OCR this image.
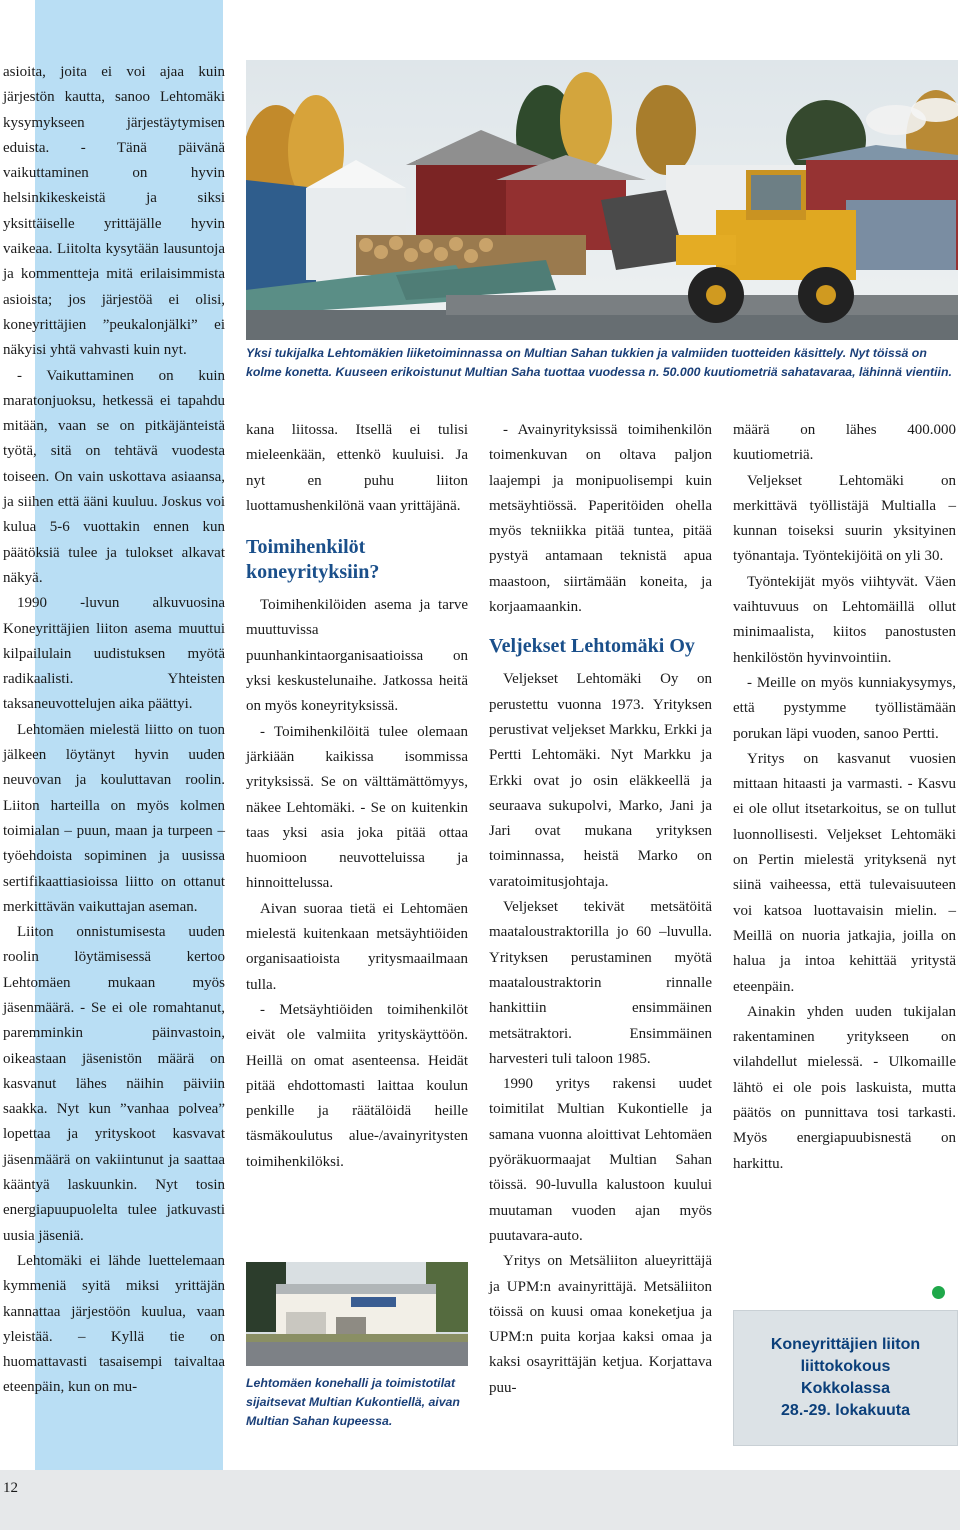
asioita, joita ei voi ajaa kuin järjestön kautta, sanoo Lehtomäki kysymykseen järjestäytymisen eduista. - Tänä päivänä vaikuttaminen on hyvin helsinkikeskeistä ja siksi yksittäiselle yrittäjälle hyvin vaikeaa. Liitolta kysytään lausuntoja ja kommentteja mitä erilaisimmista asioista; jos järjestöä ei olisi, koneyrittäjien ”peukalonjälki” ei näkyisi yhtä vahvasti kuin nyt.

- Vaikuttaminen on kuin maratonjuoksu, hetkessä ei tapahdu mitään, vaan se on pitkäjänteistä työtä, sitä on tehtävä vuodesta toiseen. On vain uskottava asiaansa, ja siihen että ääni kuuluu. Joskus voi kulua 5-6 vuottakin ennen kun päätöksiä tulee ja tulokset alkavat näkyä.

1990 -luvun alkuvuosina Koneyrittäjien liiton asema muuttui kilpailulain uudistuksen myötä radikaalisti. Yhteisten taksaneuvottelujen aika päättyi.

Lehtomäen mielestä liitto on tuon jälkeen löytänyt hyvin uuden neuvovan ja kouluttavan roolin. Liiton harteilla on myös kolmen toimialan – puun, maan ja turpeen – työehdoista sopiminen ja uusissa sertifikaattiasioissa liitto on ottanut merkittävän vaikuttajan aseman.

Liiton onnistumisesta uuden roolin löytämisessä kertoo Lehtomäen mukaan myös jäsenmäärä. - Se ei ole romahtanut, paremminkin päinvastoin, oikeastaan jäsenistön määrä on kasvanut lähes näihin päiviin saakka. Nyt kun ”vanhaa polvea” lopettaa ja yrityskoot kasvavat jäsenmäärä on vakiintunut ja saattaa kääntyä laskuunkin. Nyt tosin energiapuupuolelta tulee jatkuvasti uusia jäseniä.

Lehtomäki ei lähde luettelemaan kymmeniä syitä miksi yrittäjän kannattaa järjestöön kuulua, vaan yleistää. – Kyllä tie on huomattavasti tasaisempi taivaltaa eteenpäin, kun on mu-

Yksi tukijalka Lehtomäkien liiketoiminnassa on Multian Sahan tukkien ja valmiiden tuotteiden käsittely. Nyt töissä on kolme konetta. Kuuseen erikoistunut Multian Saha tuottaa vuodessa n. 50.000 kuutiometriä sahatavaraa, lähinnä vientiin.

kana liitossa. Itsellä ei tulisi mieleenkään, ettenkö kuuluisi. Ja nyt en puhu liiton luottamushenkilönä vaan yrittäjänä.

Toimihenkilöt koneyrityksiin?

Toimihenkilöiden asema ja tarve muuttuvissa puunhankintaorganisaatioissa on yksi keskustelunaihe. Jatkossa heitä on myös koneyrityksissä.

- Toimihenkilöitä tulee olemaan järkiään kaikissa isommissa yrityksissä. Se on välttämättömyys, näkee Lehtomäki. - Se on kuitenkin taas yksi asia joka pitää ottaa huomioon neuvotteluissa ja hinnoittelussa.

Aivan suoraa tietä ei Lehtomäen mielestä kuitenkaan metsäyhtiöiden organisaatioista yritysmaailmaan tulla.

- Metsäyhtiöiden toimihenkilöt eivät ole valmiita yrityskäyttöön. Heillä on omat asenteensa. Heidät pitää ehdottomasti laittaa koulun penkille ja räätälöidä heille täsmäkoulutus alue-/avainyritysten toimihenkilöksi.

Lehtomäen konehalli ja toimistotilat sijaitsevat Multian Kukontiellä, aivan Multian Sahan kupeessa.

- Avainyrityksissä toimihenkilön toimenkuvan on oltava paljon laajempi ja monipuolisempi kuin metsäyhtiössä. Paperitöiden ohella myös tekniikka pitää tuntea, pitää pystyä antamaan teknistä apua maastoon, siirtämään koneita, ja korjaamaankin.

Veljekset Lehtomäki Oy

Veljekset Lehtomäki Oy on perustettu vuonna 1973. Yrityksen perustivat veljekset Markku, Erkki ja Pertti Lehtomäki. Nyt Markku ja Erkki ovat jo osin eläkkeellä ja seuraava sukupolvi, Marko, Jani ja Jari ovat mukana yrityksen toiminnassa, heistä Marko on varatoimitusjohtaja.

Veljekset tekivät metsätöitä maataloustraktorilla jo 60 –luvulla. Yrityksen perustaminen myötä maataloustraktorin rinnalle hankittiin ensimmäinen metsätraktori. Ensimmäinen harvesteri tuli taloon 1985.

1990 yritys rakensi uudet toimitilat Multian Kukontielle ja samana vuonna aloittivat Lehtomäen pyöräkuormaajat Multian Sahan töissä. 90-luvulla kalustoon kuului muutaman vuoden ajan myös puutavara-auto.

Yritys on Metsäliiton alueyrittäjä ja UPM:n avainyrittäjä. Metsäliiton töissä on kuusi omaa koneketjua ja UPM:n puita korjaa kaksi omaa ja kaksi osayrittäjän ketjua. Korjattava puu-

määrä on lähes 400.000 kuutiometriä.

Veljekset Lehtomäki on merkittävä työllistäjä Multialla – kunnan toiseksi suurin yksityinen työnantaja. Työntekijöitä on yli 30.

Työntekijät myös viihtyvät. Väen vaihtuvuus on Lehtomäillä ollut minimaalista, kiitos panostusten henkilöstön hyvinvointiin.

- Meille on myös kunniakysymys, että pystymme työllistämään porukan läpi vuoden, sanoo Pertti.

Yritys on kasvanut vuosien mittaan hitaasti ja varmasti. - Kasvu ei ole ollut itsetarkoitus, se on tullut luonnollisesti. Veljekset Lehtomäki on Pertin mielestä yrityksenä nyt siinä vaiheessa, että tulevaisuuteen voi katsoa luottavaisin mielin. – Meillä on nuoria jatkajia, joilla on halua ja intoa kehittää yritystä eteenpäin.

Ainakin yhden uuden tukijalan rakentaminen yritykseen on vilahdellut mielessä. - Ulkomaille lähtö ei ole pois laskuista, mutta päätös on punnittava tosi tarkasti. Myös energiapuubisnestä on harkittu.

Koneyrittäjien liiton
liittokokous
Kokkolassa
28.-29. lokakuuta
12
